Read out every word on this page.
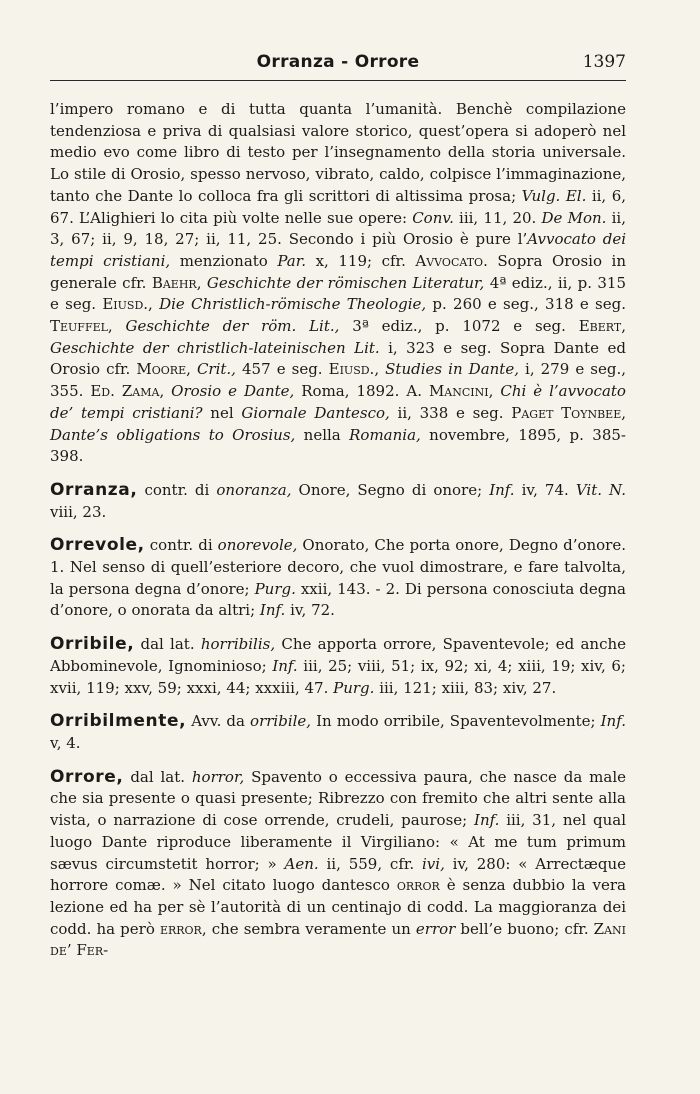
Orranza - Orrore	1397

l’impero romano e di tutta quanta l’umanità. Benchè compilazione tendenziosa e priva di qualsiasi valore storico, quest’opera si adoperò nel medio evo come libro di testo per l’insegnamento della storia universale. Lo stile di Orosio, spesso nervoso, vibrato, caldo, colpisce l’immaginazione, tanto che Dante lo colloca fra gli scrittori di altissima prosa; Vulg. El. ii, 6, 67. L’Alighieri lo cita più volte nelle sue opere: Conv. iii, 11, 20. De Mon. ii, 3, 67; ii, 9, 18, 27; ii, 11, 25. Secondo i più Orosio è pure l’Avvocato dei tempi cristiani, menzionato Par. x, 119; cfr. Avvocato. Sopra Orosio in generale cfr. Baehr, Geschichte der römischen Literatur, 4ª ediz., ii, p. 315 e seg. Eiusd., Die Christlich-römische Theologie, p. 260 e seg., 318 e seg. Teuffel, Geschichte der röm. Lit., 3ª ediz., p. 1072 e seg. Ebert, Geschichte der christlich-lateinischen Lit. i, 323 e seg. Sopra Dante ed Orosio cfr. Moore, Crit., 457 e seg. Eiusd., Studies in Dante, i, 279 e seg., 355. Ed. Zama, Orosio e Dante, Roma, 1892. A. Mancini, Chi è l’avvocato de’ tempi cristiani? nel Giornale Dantesco, ii, 338 e seg. Paget Toynbee, Dante’s obligations to Orosius, nella Romania, novembre, 1895, p. 385-398.

Orranza, contr. di onoranza, Onore, Segno di onore; Inf. iv, 74. Vit. N. viii, 23.

Orrevole, contr. di onorevole, Onorato, Che porta onore, Degno d’onore. 1. Nel senso di quell’esteriore decoro, che vuol dimostrare, e fare talvolta, la persona degna d’onore; Purg. xxii, 143. - 2. Di persona conosciuta degna d’onore, o onorata da altri; Inf. iv, 72.

Orribile, dal lat. horribilis, Che apporta orrore, Spaventevole; ed anche Abbominevole, Ignominioso; Inf. iii, 25; viii, 51; ix, 92; xi, 4; xiii, 19; xiv, 6; xvii, 119; xxv, 59; xxxi, 44; xxxiii, 47. Purg. iii, 121; xiii, 83; xiv, 27.

Orribilmente, Avv. da orribile, In modo orribile, Spaventevolmente; Inf. v, 4.

Orrore, dal lat. horror, Spavento o eccessiva paura, che nasce da male che sia presente o quasi presente; Ribrezzo con fremito che altri sente alla vista, o narrazione di cose orrende, crudeli, paurose; Inf. iii, 31, nel qual luogo Dante riproduce liberamente il Virgiliano: « At me tum primum sævus circumstetit horror; » Aen. ii, 559, cfr. ivi, iv, 280: « Arrectæque horrore comæ. » Nel citato luogo dantesco orror è senza dubbio la vera lezione ed ha per sè l’autorità di un centinajo di codd. La maggioranza dei codd. ha però error, che sembra veramente un error bell’e buono; cfr. Zani de’ Fer-
